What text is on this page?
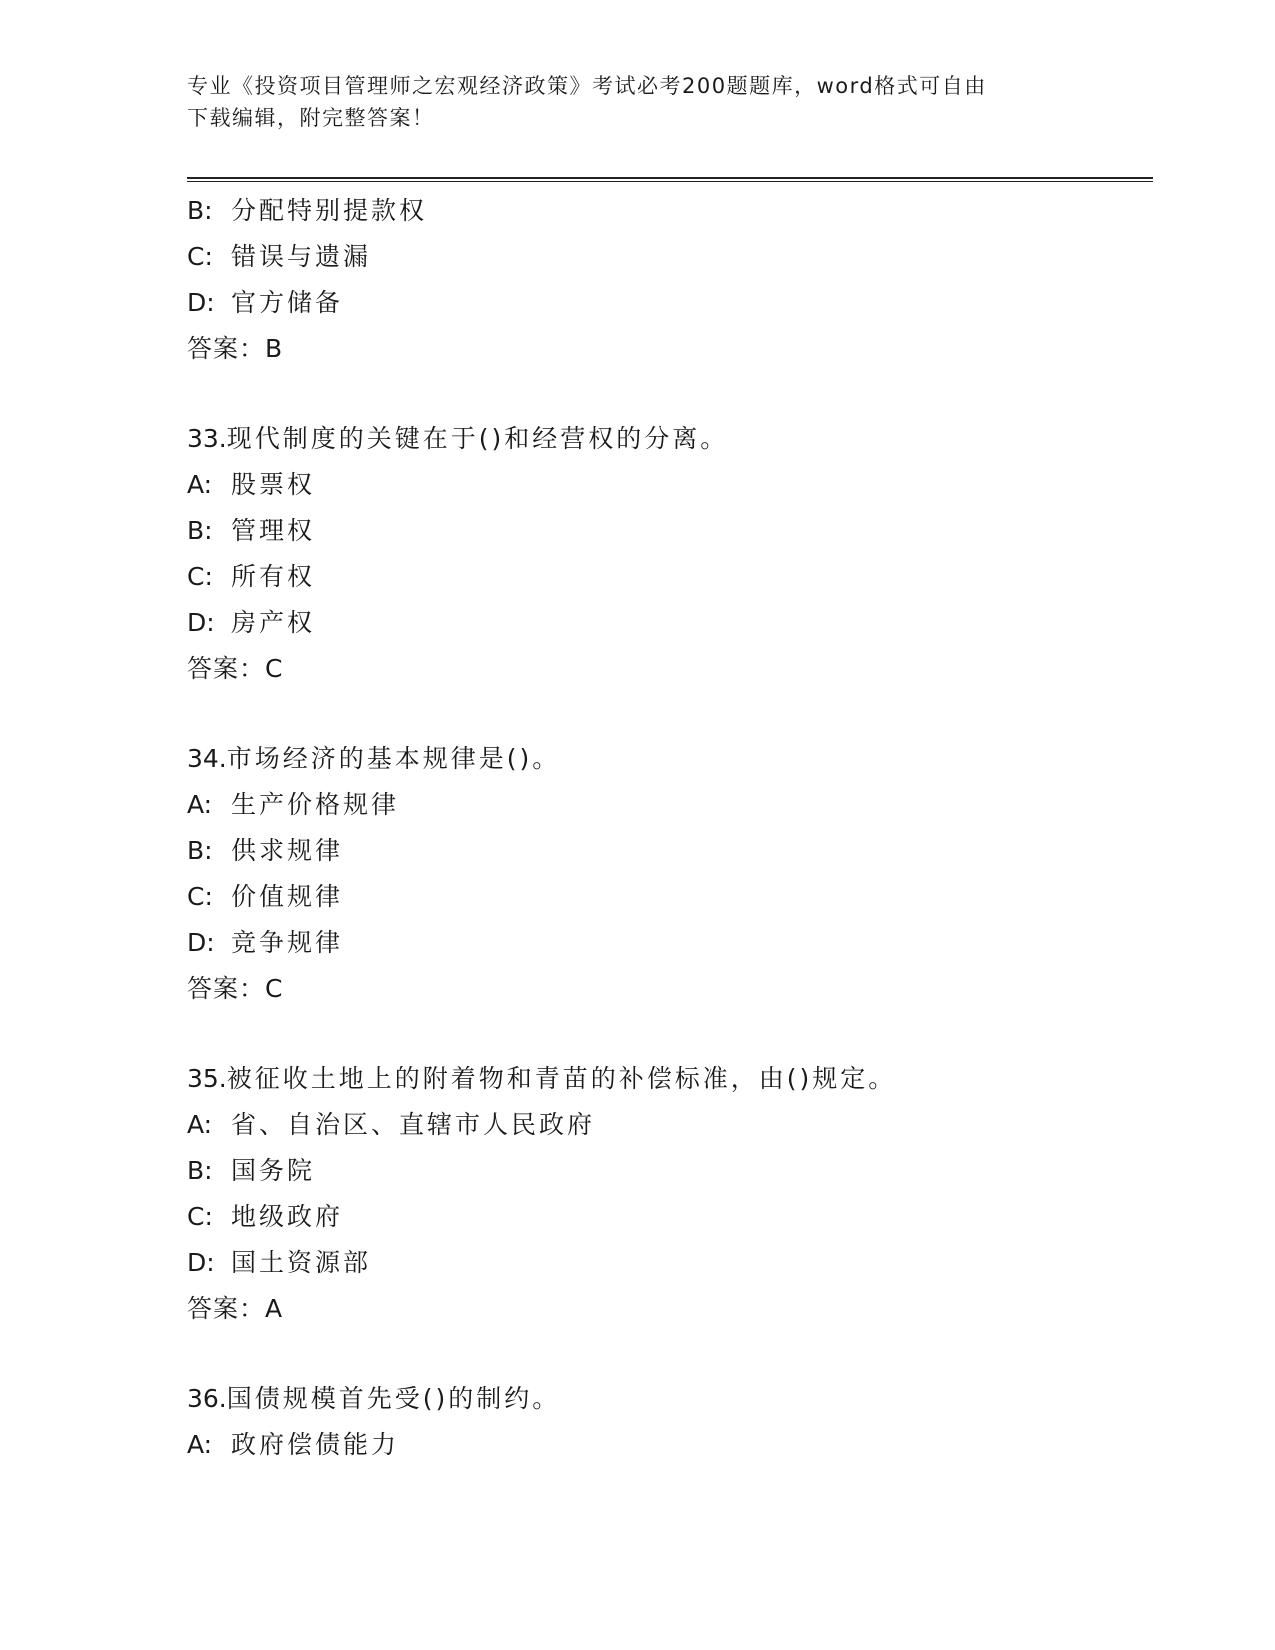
专业《投资项目管理师之宏观经济政策》考试必考200题题库，word格式可自由
下载编辑，附完整答案！
B: 分配特别提款权
C: 错误与遗漏
D: 官方储备
答案：B
33.现代制度的关键在于()和经营权的分离。
A: 股票权
B: 管理权
C: 所有权
D: 房产权
答案：C
34.市场经济的基本规律是()。
A: 生产价格规律
B: 供求规律
C: 价值规律
D: 竞争规律
答案：C
35.被征收土地上的附着物和青苗的补偿标准，由()规定。
A: 省、自治区、直辖市人民政府
B: 国务院
C: 地级政府
D: 国土资源部
答案：A
36.国债规模首先受()的制约。
A: 政府偿债能力
